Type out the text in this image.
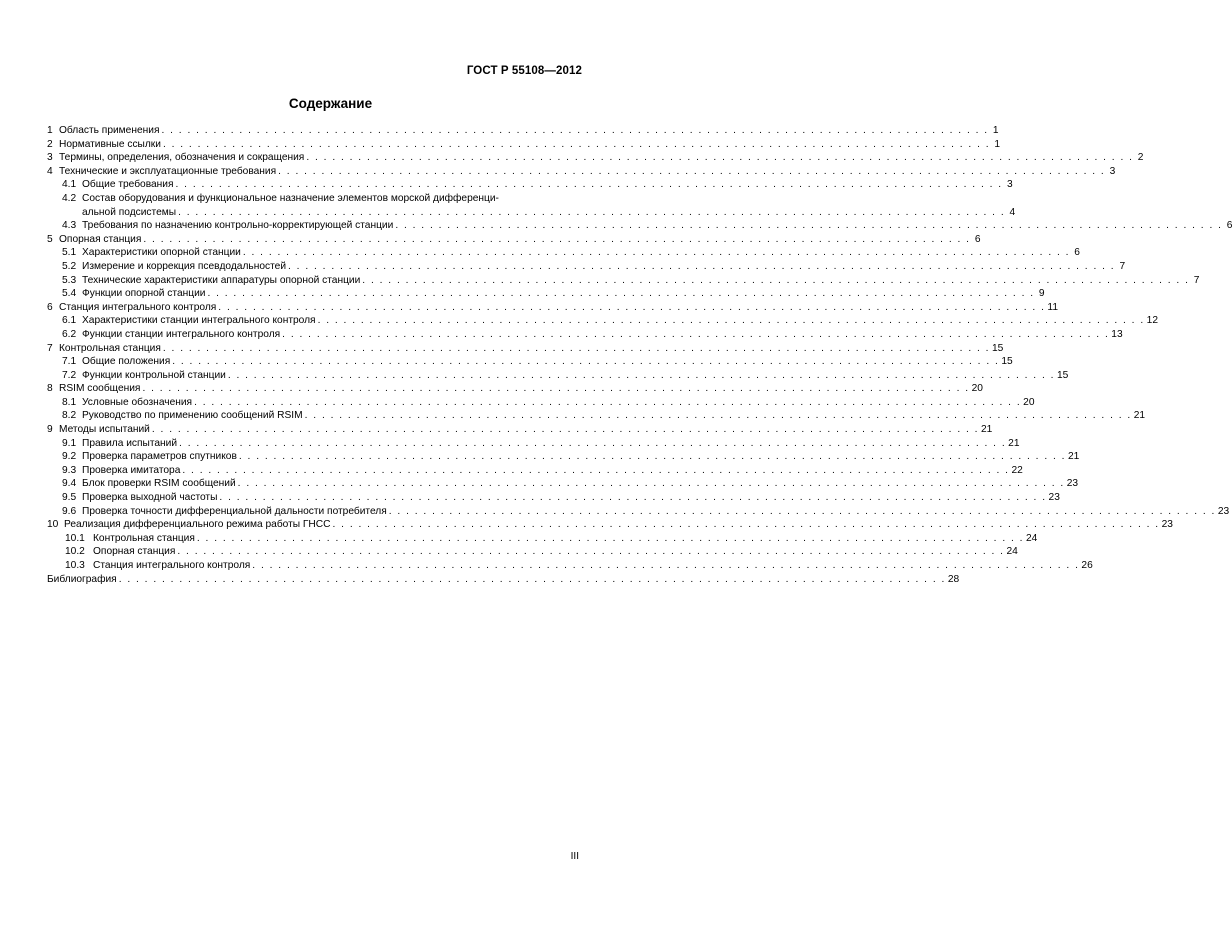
ГОСТ Р 55108—2012
Содержание
1 Область применения . . .	1
2 Нормативные ссылки . . .	1
3 Термины, определения, обозначения и сокращения . . .	2
4 Технические и эксплуатационные требования . . .	3
4.1 Общие требования . . .	3
4.2 Состав оборудования и функциональное назначение элементов морской дифференци-
альной подсистемы . . .	4
4.3 Требования по назначению контрольно-корректирующей станции . . .	6
5 Опорная станция . . .	6
5.1 Характеристики опорной станции . . .	6
5.2 Измерение и коррекция псевдодальностей . . .	7
5.3 Технические характеристики аппаратуры опорной станции . . .	7
5.4 Функции опорной станции . . .	9
6 Станция интегрального контроля . . .	11
6.1 Характеристики станции интегрального контроля . . .	12
6.2 Функции станции интегрального контроля . . .	13
7 Контрольная станция . . .	15
7.1 Общие положения . . .	15
7.2 Функции контрольной станции . . .	15
8 RSIM сообщения . . .	20
8.1 Условные обозначения . . .	20
8.2 Руководство по применению сообщений RSIM . . .	21
9 Методы испытаний . . .	21
9.1 Правила испытаний . . .	21
9.2 Проверка параметров спутников . . .	21
9.3 Проверка имитатора . . .	22
9.4 Блок проверки RSIM сообщений . . .	23
9.5 Проверка выходной частоты . . .	23
9.6 Проверка точности дифференциальной дальности потребителя . . .	23
10 Реализация дифференциального режима работы ГНСС . . .	23
10.1 Контрольная станция . . .	24
10.2 Опорная станция . . .	24
10.3 Станция интегрального контроля . . .	26
Библиография . . .	28
III
